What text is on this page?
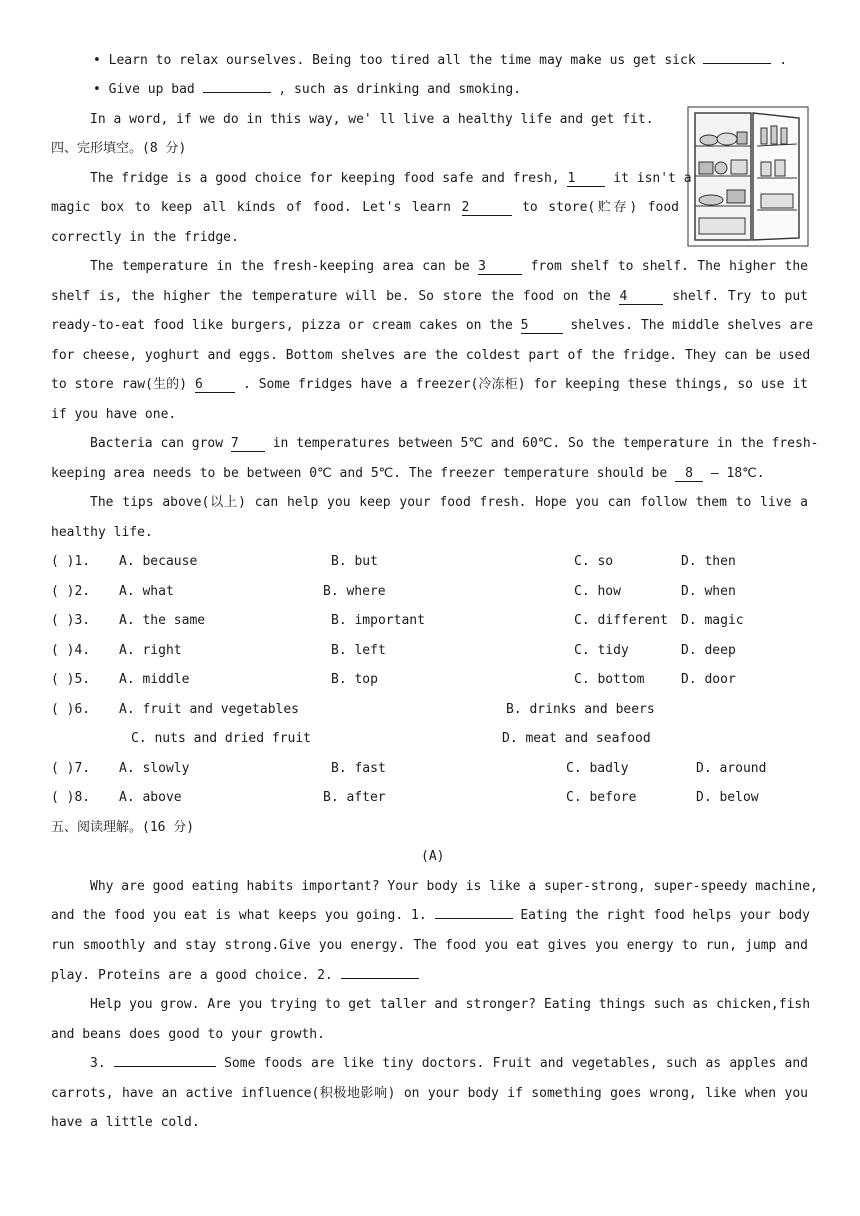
• Learn to relax ourselves. Being too tired all the time may make us get sick	.
• Give up bad	, such as drinking and smoking.
In a word, if we do in this way, we' ll live a healthy life and get fit.
四、完形填空。(8 分)
The fridge is a good choice for keeping food safe and fresh, 1 it isn't a
magic box to keep all kinds of food. Let's learn 2	to store(贮存) food
correctly in the fridge.
The temperature in the fresh-keeping area can be 3	from shelf to shelf. The higher the
shelf is, the higher the temperature will be. So store the food on the 4	shelf. Try to put
ready-to-eat food like burgers, pizza or cream cakes on the 5	shelves. The middle shelves are
for cheese, yoghurt and eggs. Bottom shelves are the coldest part of the fridge. They can be used
to store raw(生的) 6 . Some fridges have a freezer(冷冻柜) for keeping these things, so use it
if you have one.
Bacteria can grow 7 in temperatures between 5℃ and 60℃. So the temperature in the fresh-
keeping area needs to be between 0℃ and 5℃. The freezer temperature should be 8 — 18℃.
The tips above(以上) can help you keep your food fresh. Hope you can follow them to live a
healthy life.
( )1. A. because	B. but	C. so	D. then
( )2. A. what	B. where	C. how	D. when
( )3. A. the same	B. important	C. different D. magic
( )4. A. right	B. left	C. tidy	D. deep
( )5. A. middle	B. top	C. bottom	D. door
( )6. A. fruit and vegetables	B. drinks and beers
C. nuts and dried fruit	D. meat and seafood
( )7. A. slowly	B. fast	C. badly	D. around
( )8. A. above	B. after	C. before	D. below
五、阅读理解。(16 分)
(A)
Why are good eating habits important? Your body is like a super-strong, super-speedy machine,
and the food you eat is what keeps you going. 1.	Eating the right food helps your body
run smoothly and stay strong.Give you energy. The food you eat gives you energy to run, jump and
play. Proteins are a good choice. 2.
Help you grow. Are you trying to get taller and stronger? Eating things such as chicken,fish
and beans does good to your growth.
3.	Some foods are like tiny doctors. Fruit and vegetables, such as apples and
carrots, have an active influence(积极地影响) on your body if something goes wrong, like when you
have a little cold.
